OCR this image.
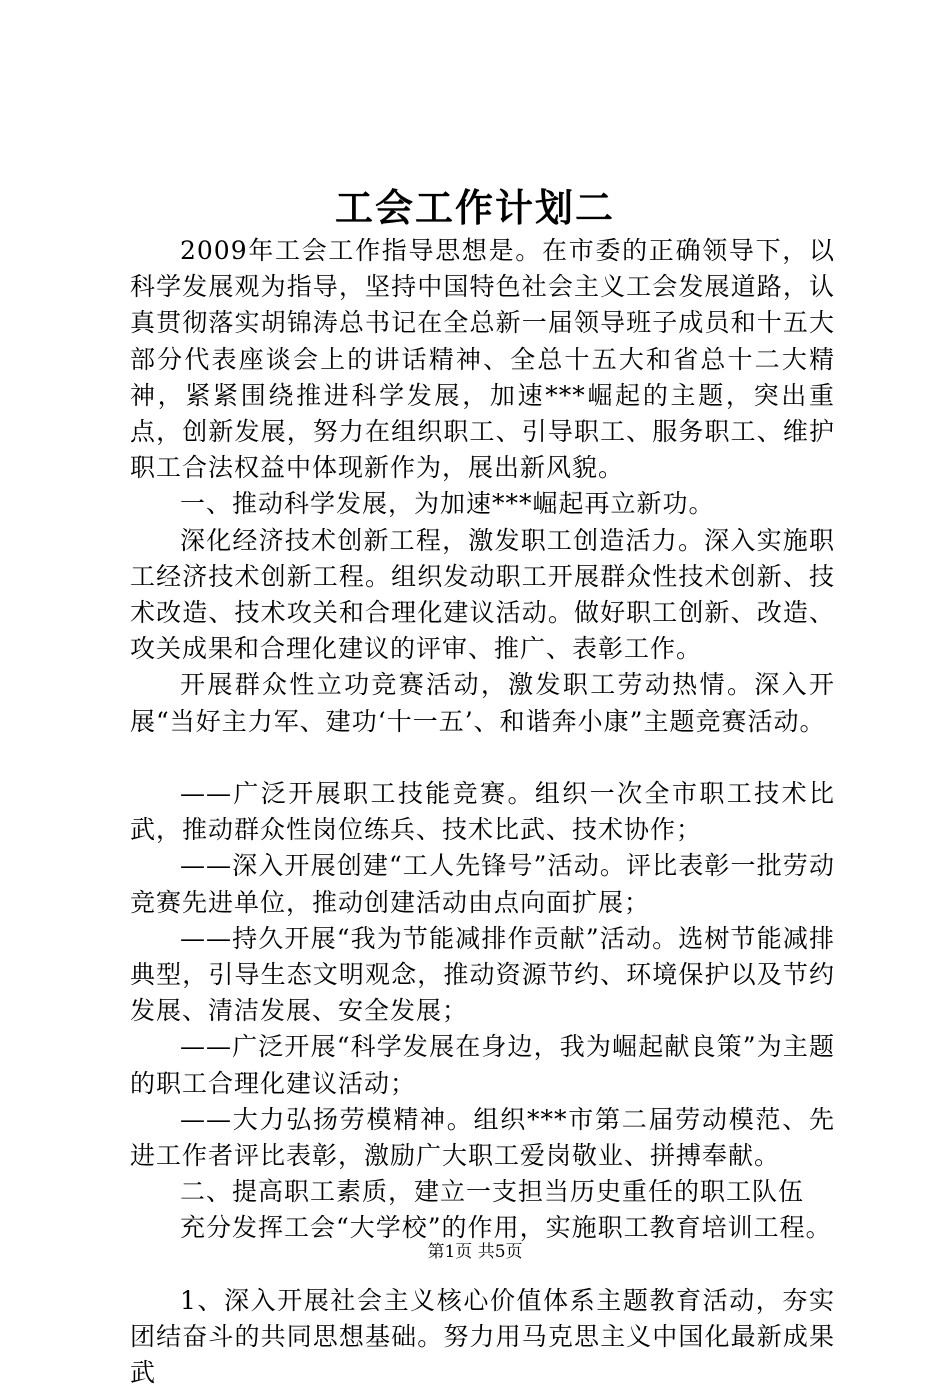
工会工作计划二

2009年工会工作指导思想是。在市委的正确领导下，以科学发展观为指导，坚持中国特色社会主义工会发展道路，认真贯彻落实胡锦涛总书记在全总新一届领导班子成员和十五大部分代表座谈会上的讲话精神、全总十五大和省总十二大精神，紧紧围绕推进科学发展，加速***崛起的主题，突出重点，创新发展，努力在组织职工、引导职工、服务职工、维护职工合法权益中体现新作为，展出新风貌。

一、推动科学发展，为加速***崛起再立新功。

深化经济技术创新工程，激发职工创造活力。深入实施职工经济技术创新工程。组织发动职工开展群众性技术创新、技术改造、技术攻关和合理化建议活动。做好职工创新、改造、攻关成果和合理化建议的评审、推广、表彰工作。

开展群众性立功竞赛活动，激发职工劳动热情。深入开展“当好主力军、建功‘十一五’、和谐奔小康”主题竞赛活动。

——广泛开展职工技能竞赛。组织一次全市职工技术比武，推动群众性岗位练兵、技术比武、技术协作；

——深入开展创建“工人先锋号”活动。评比表彰一批劳动竞赛先进单位，推动创建活动由点向面扩展；

——持久开展“我为节能减排作贡献”活动。选树节能减排典型，引导生态文明观念，推动资源节约、环境保护以及节约发展、清洁发展、安全发展；

——广泛开展“科学发展在身边，我为崛起献良策”为主题的职工合理化建议活动；

——大力弘扬劳模精神。组织***市第二届劳动模范、先进工作者评比表彰，激励广大职工爱岗敬业、拼搏奉献。

二、提高职工素质，建立一支担当历史重任的职工队伍

充分发挥工会“大学校”的作用，实施职工教育培训工程。

1、深入开展社会主义核心价值体系主题教育活动，夯实团结奋斗的共同思想基础。努力用马克思主义中国化最新成果武

第1页 共5页
